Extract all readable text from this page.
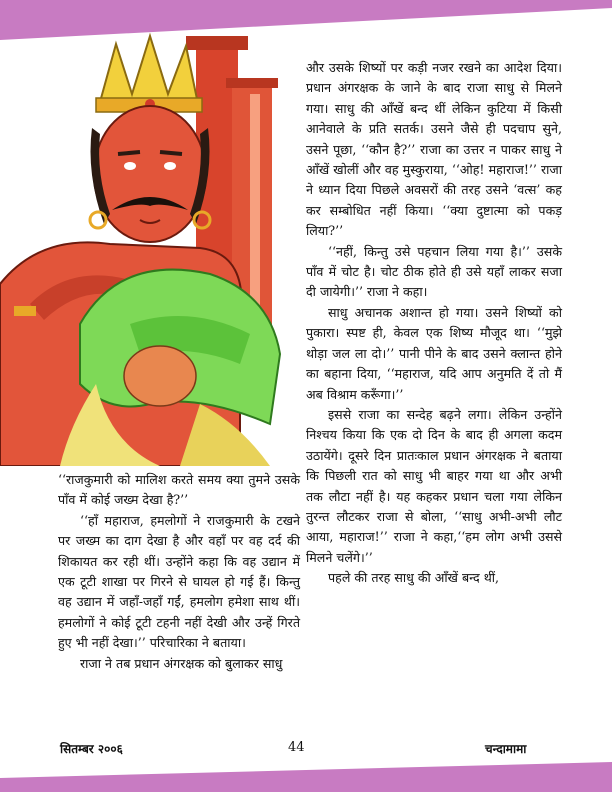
और उसके शिष्यों पर कड़ी नजर रखने का आदेश दिया। प्रधान अंगरक्षक के जाने के बाद राजा साधु से मिलने गया। साधु की आँखें बन्द थीं लेकिन कुटिया में किसी आनेवाले के प्रति सतर्क। उसने जैसे ही पदचाप सुने, उसने पूछा, ‘‘कौन है?’’ राजा का उत्तर न पाकर साधु ने आँखें खोलीं और वह मुस्कुराया, ‘‘ओह! महाराज!’’ राजा ने ध्यान दिया पिछले अवसरों की तरह उसने ‘वत्स’ कह कर सम्बोधित नहीं किया। ‘‘क्या दुष्टात्मा को पकड़ लिया?’’

‘‘नहीं, किन्तु उसे पहचान लिया गया है।’’ उसके पाँव में चोट है। चोट ठीक होते ही उसे यहाँ लाकर सजा दी जायेगी।’’ राजा ने कहा।

साधु अचानक अशान्त हो गया। उसने शिष्यों को पुकारा। स्पष्ट ही, केवल एक शिष्य मौजूद था। ‘‘मुझे थोड़ा जल ला दो।’’ पानी पीने के बाद उसने क्लान्त होने का बहाना दिया, ‘‘महाराज, यदि आप अनुमति दें तो मैं अब विश्राम करूँगा।’’

इससे राजा का सन्देह बढ़ने लगा। लेकिन उन्होंने निश्चय किया कि एक दो दिन के बाद ही अगला कदम उठायेंगे। दूसरे दिन प्रातःकाल प्रधान अंगरक्षक ने बताया कि पिछली रात को साधु भी बाहर गया था और अभी तक लौटा नहीं है। यह कहकर प्रधान चला गया लेकिन तुरन्त लौटकर राजा से बोला, ‘‘साधु अभी-अभी लौट आया, महाराज!’’ राजा ने कहा,‘‘हम लोग अभी उससे मिलने चलेंगे।’’

पहले की तरह साधु की आँखें बन्द थीं,

‘‘राजकुमारी को मालिश करते समय क्या तुमने उसके पाँव में कोई जख्म देखा है?’’

‘‘हाँ महाराज, हमलोगों ने राजकुमारी के टखने पर जख्म का दाग देखा है और वहाँ पर वह दर्द की शिकायत कर रही थीं। उन्होंने कहा कि वह उद्यान में एक टूटी शाखा पर गिरने से घायल हो गई हैं। किन्तु वह उद्यान में जहाँ-जहाँ गईं, हमलोग हमेशा साथ थीं। हमलोगों ने कोई टूटी टहनी नहीं देखी और उन्हें गिरते हुए भी नहीं देखा।’’ परिचारिका ने बताया।

राजा ने तब प्रधान अंगरक्षक को बुलाकर साधु

सितम्बर २००६	44	चन्दामामा
